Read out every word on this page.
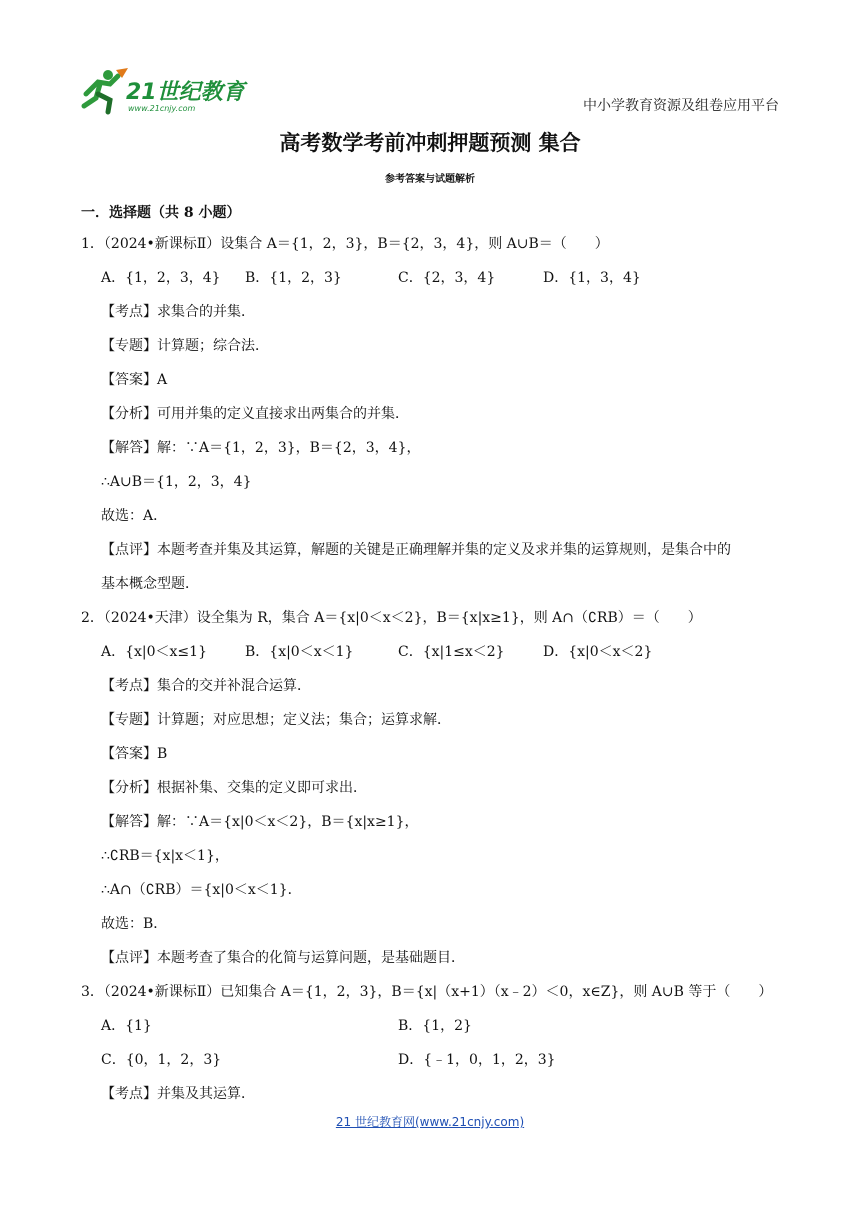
21世纪教育
www.21cnjy.com	中小学教育资源及组卷应用平台
高考数学考前冲刺押题预测 集合
参考答案与试题解析
一．选择题（共 8 小题）
1．（2024•新课标Ⅱ）设集合 A＝{1，2，3}，B＝{2，3，4}，则 A∪B＝（　　）
A．{1，2，3，4} B．{1，2，3}	C．{2，3，4}	D．{1，3，4}
【考点】求集合的并集．
【专题】计算题；综合法．
【答案】A
【分析】可用并集的定义直接求出两集合的并集．
【解答】解：∵A＝{1，2，3}，B＝{2，3，4}，
∴A∪B＝{1，2，3，4}
故选：A．
【点评】本题考查并集及其运算，解题的关键是正确理解并集的定义及求并集的运算规则，是集合中的
基本概念型题．
2．（2024•天津）设全集为 R，集合 A＝{x|0＜x＜2}，B＝{x|x≥1}，则 A∩（∁RB）＝（　　）
A．{x|0＜x≤1}	B．{x|0＜x＜1}	C．{x|1≤x＜2}	D．{x|0＜x＜2}
【考点】集合的交并补混合运算．
【专题】计算题；对应思想；定义法；集合；运算求解．
【答案】B
【分析】根据补集、交集的定义即可求出．
【解答】解：∵A＝{x|0＜x＜2}，B＝{x|x≥1}，
∴∁RB＝{x|x＜1}，
∴A∩（∁RB）＝{x|0＜x＜1}．
故选：B．
【点评】本题考查了集合的化简与运算问题，是基础题目．
3．（2024•新课标Ⅱ）已知集合 A＝{1，2，3}，B＝{x|（x+1）（x﹣2）＜0，x∈Z}，则 A∪B 等于（　　）
A．{1}	B．{1，2}
C．{0，1，2，3}	D．{﹣1，0，1，2，3}
【考点】并集及其运算．
21 世纪教育网(www.21cnjy.com)
